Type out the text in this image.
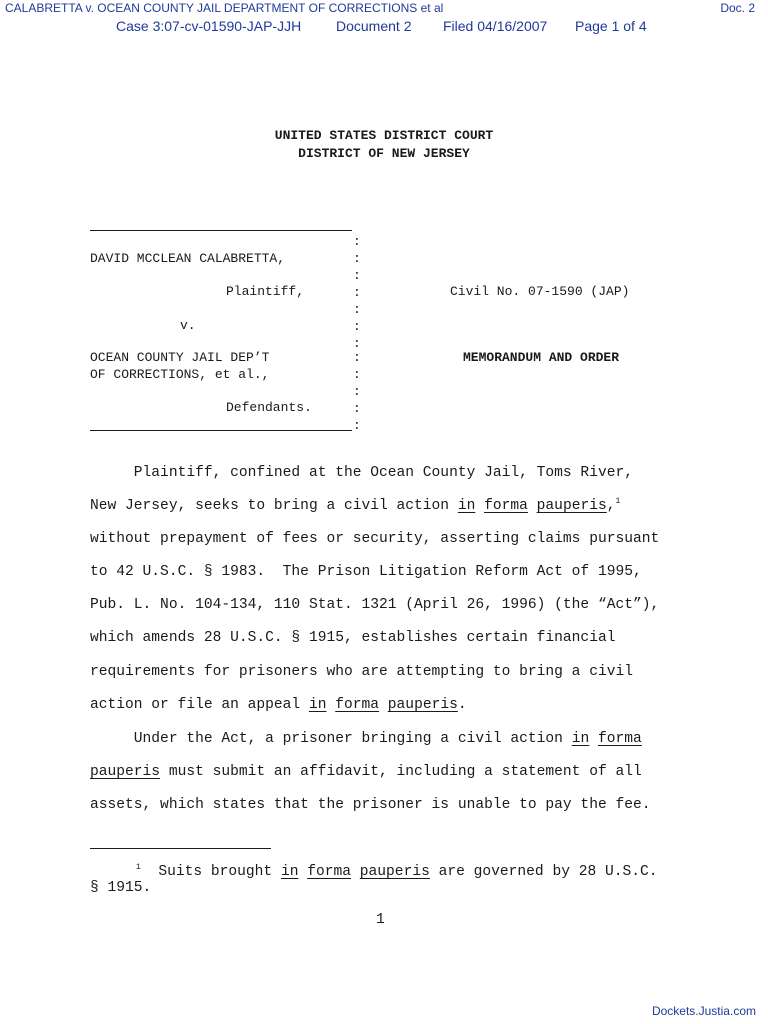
CALABRETTA v. OCEAN COUNTY JAIL DEPARTMENT OF CORRECTIONS et al	Doc. 2
Case 3:07-cv-01590-JAP-JJH Document 2 Filed 04/16/2007 Page 1 of 4
UNITED STATES DISTRICT COURT
DISTRICT OF NEW JERSEY
:
:
:
:
:
:
:
:
:
:
:
:
DAVID MCCLEAN CALABRETTA,
Plaintiff,
v.
OCEAN COUNTY JAIL DEP’T
OF CORRECTIONS, et al.,
Defendants.
Civil No. 07-1590 (JAP)
MEMORANDUM AND ORDER
Plaintiff, confined at the Ocean County Jail, Toms River,
New Jersey, seeks to bring a civil action in forma pauperis,$^1$
without prepayment of fees or security, asserting claims pursuant
to 42 U.S.C. § 1983.  The Prison Litigation Reform Act of 1995,
Pub. L. No. 104-134, 110 Stat. 1321 (April 26, 1996) (the “Act”),
which amends 28 U.S.C. § 1915, establishes certain financial
requirements for prisoners who are attempting to bring a civil
action or file an appeal in forma pauperis.
Under the Act, a prisoner bringing a civil action in forma
pauperis must submit an affidavit, including a statement of all
assets, which states that the prisoner is unable to pay the fee.
$^1$  Suits brought in forma pauperis are governed by 28 U.S.C.
§ 1915.
1
Dockets.Justia.com
